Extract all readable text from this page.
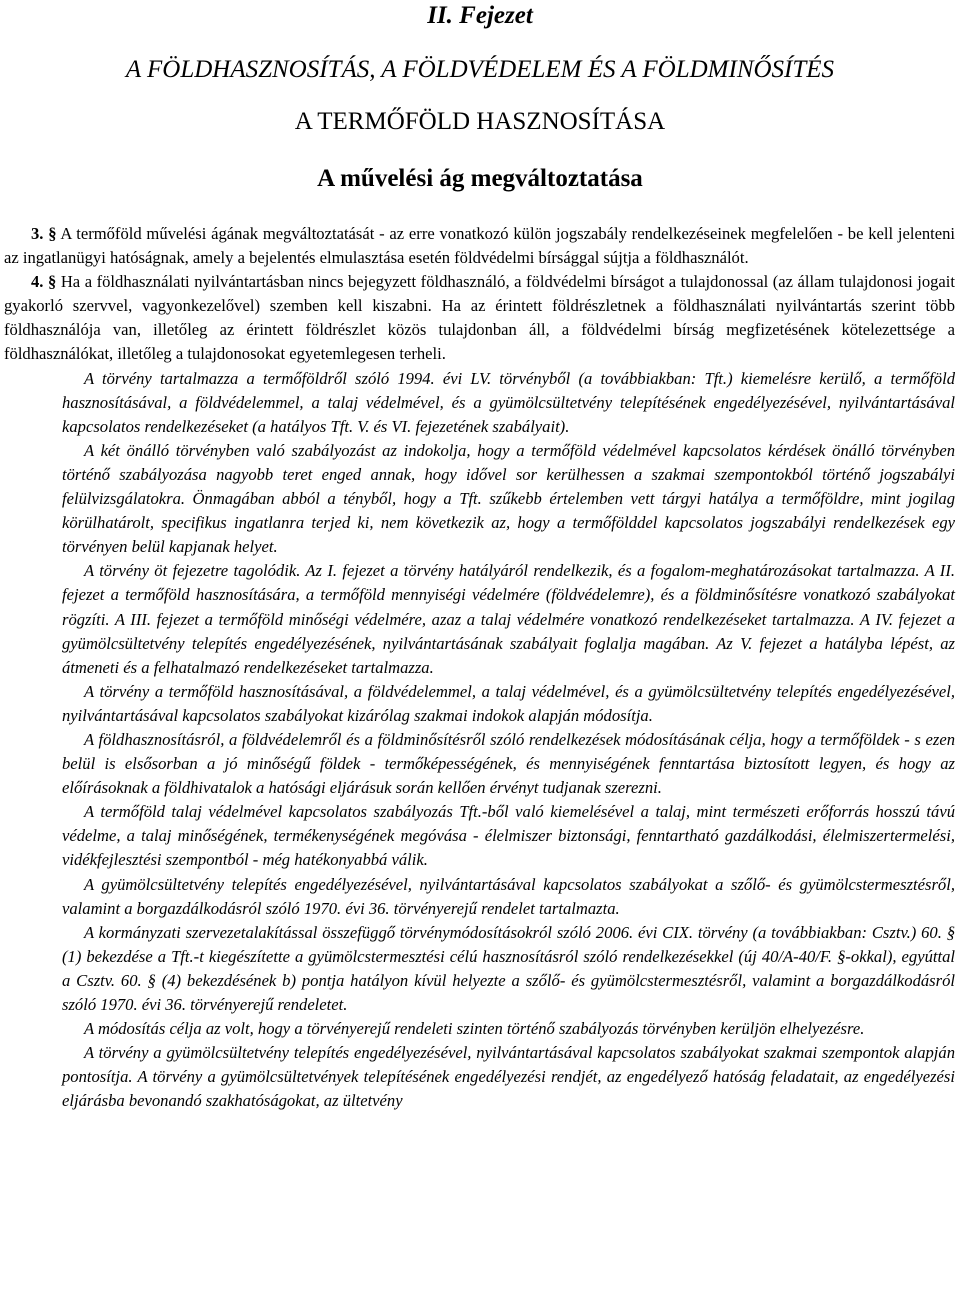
II. Fejezet

A FÖLDHASZNOSÍTÁS, A FÖLDVÉDELEM ÉS A FÖLDMINŐSÍTÉS

A TERMŐFÖLD HASZNOSÍTÁSA

A művelési ág megváltoztatása

3. § A termőföld művelési ágának megváltoztatását - az erre vonatkozó külön jogszabály rendelkezéseinek megfelelően - be kell jelenteni az ingatlanügyi hatóságnak, amely a bejelentés elmulasztása esetén földvédelmi bírsággal sújtja a földhasználót.

4. § Ha a földhasználati nyilvántartásban nincs bejegyzett földhasználó, a földvédelmi bírságot a tulajdonossal (az állam tulajdonosi jogait gyakorló szervvel, vagyonkezelővel) szemben kell kiszabni. Ha az érintett földrészletnek a földhasználati nyilvántartás szerint több földhasználója van, illetőleg az érintett földrészlet közös tulajdonban áll, a földvédelmi bírság megfizetésének kötelezettsége a földhasználókat, illetőleg a tulajdonosokat egyetemlegesen terheli.

A törvény tartalmazza a termőföldről szóló 1994. évi LV. törvényből (a továbbiakban: Tft.) kiemelésre kerülő, a termőföld hasznosításával, a földvédelemmel, a talaj védelmével, és a gyümölcsültetvény telepítésének engedélyezésével, nyilvántartásával kapcsolatos rendelkezéseket (a hatályos Tft. V. és VI. fejezetének szabályait).

A két önálló törvényben való szabályozást az indokolja, hogy a termőföld védelmével kapcsolatos kérdések önálló törvényben történő szabályozása nagyobb teret enged annak, hogy idővel sor kerülhessen a szakmai szempontokból történő jogszabályi felülvizsgálatokra. Önmagában abból a tényből, hogy a Tft. szűkebb értelemben vett tárgyi hatálya a termőföldre, mint jogilag körülhatárolt, specifikus ingatlanra terjed ki, nem következik az, hogy a termőfölddel kapcsolatos jogszabályi rendelkezések egy törvényen belül kapjanak helyet.

A törvény öt fejezetre tagolódik. Az I. fejezet a törvény hatályáról rendelkezik, és a fogalom-meghatározásokat tartalmazza. A II. fejezet a termőföld hasznosítására, a termőföld mennyiségi védelmére (földvédelemre), és a földminősítésre vonatkozó szabályokat rögzíti. A III. fejezet a termőföld minőségi védelmére, azaz a talaj védelmére vonatkozó rendelkezéseket tartalmazza. A IV. fejezet a gyümölcsültetvény telepítés engedélyezésének, nyilvántartásának szabályait foglalja magában. Az V. fejezet a hatályba lépést, az átmeneti és a felhatalmazó rendelkezéseket tartalmazza.

A törvény a termőföld hasznosításával, a földvédelemmel, a talaj védelmével, és a gyümölcsültetvény telepítés engedélyezésével, nyilvántartásával kapcsolatos szabályokat kizárólag szakmai indokok alapján módosítja.

A földhasznosításról, a földvédelemről és a földminősítésről szóló rendelkezések módosításának célja, hogy a termőföldek - s ezen belül is elsősorban a jó minőségű földek - termőképességének, és mennyiségének fenntartása biztosított legyen, és hogy az előírásoknak a földhivatalok a hatósági eljárásuk során kellően érvényt tudjanak szerezni.

A termőföld talaj védelmével kapcsolatos szabályozás Tft.-ből való kiemelésével a talaj, mint természeti erőforrás hosszú távú védelme, a talaj minőségének, termékenységének megóvása - élelmiszer biztonsági, fenntartható gazdálkodási, élelmiszertermelési, vidékfejlesztési szempontból - még hatékonyabbá válik.

A gyümölcsültetvény telepítés engedélyezésével, nyilvántartásával kapcsolatos szabályokat a szőlő- és gyümölcstermesztésről, valamint a borgazdálkodásról szóló 1970. évi 36. törvényerejű rendelet tartalmazta.

A kormányzati szervezetalakítással összefüggő törvénymódosításokról szóló 2006. évi CIX. törvény (a továbbiakban: Csztv.) 60. § (1) bekezdése a Tft.-t kiegészítette a gyümölcstermesztési célú hasznosításról szóló rendelkezésekkel (új 40/A-40/F. §-okkal), egyúttal a Csztv. 60. § (4) bekezdésének b) pontja hatályon kívül helyezte a szőlő- és gyümölcstermesztésről, valamint a borgazdálkodásról szóló 1970. évi 36. törvényerejű rendeletet.

A módosítás célja az volt, hogy a törvényerejű rendeleti szinten történő szabályozás törvényben kerüljön elhelyezésre.

A törvény a gyümölcsültetvény telepítés engedélyezésével, nyilvántartásával kapcsolatos szabályokat szakmai szempontok alapján pontosítja. A törvény a gyümölcsültetvények telepítésének engedélyezési rendjét, az engedélyező hatóság feladatait, az engedélyezési eljárásba bevonandó szakhatóságokat, az ültetvény
